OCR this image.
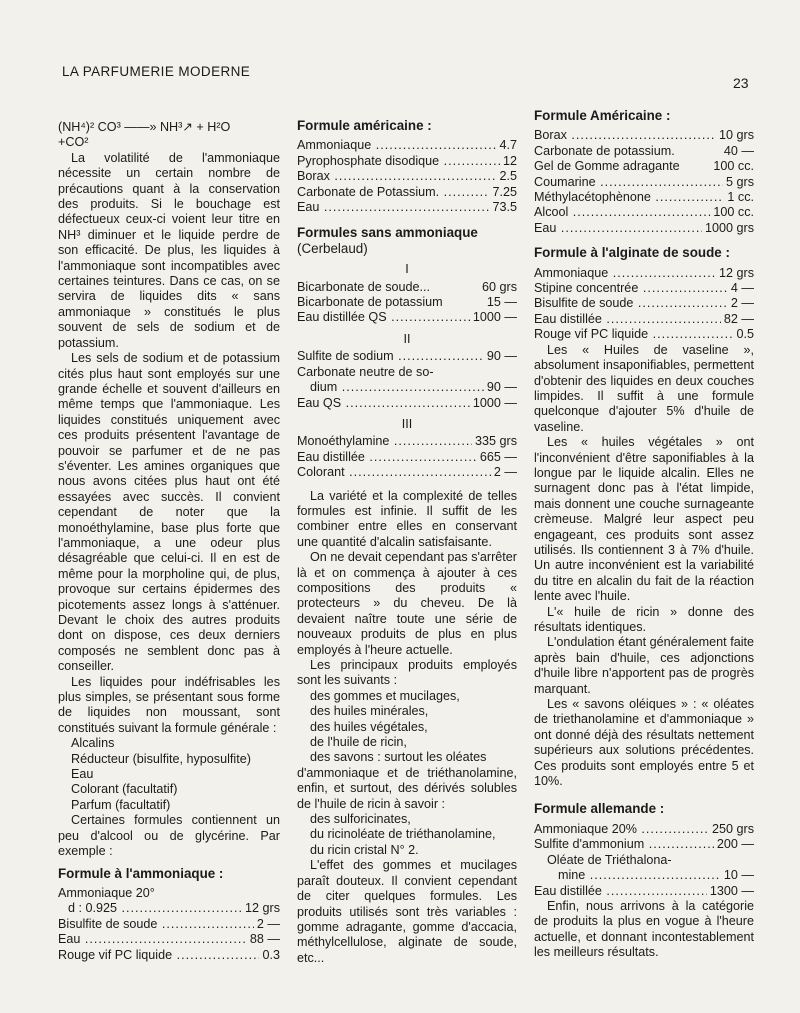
LA PARFUMERIE MODERNE
23

(NH⁴)² CO³ ——» NH³↗ + H²O

+CO²

La volatilité de l'ammoniaque nécessite un certain nombre de précautions quant à la conservation des produits. Si le bouchage est défectueux ceux-ci voient leur titre en NH³ diminuer et le liquide perdre de son efficacité. De plus, les liquides à l'ammoniaque sont incompatibles avec certaines teintures. Dans ce cas, on se servira de liquides dits « sans ammoniaque » constitués le plus souvent de sels de sodium et de potassium.

Les sels de sodium et de potassium cités plus haut sont employés sur une grande échelle et souvent d'ailleurs en même temps que l'ammoniaque. Les liquides constitués uniquement avec ces produits présentent l'avantage de pouvoir se parfumer et de ne pas s'éventer. Les amines organiques que nous avons citées plus haut ont été essayées avec succès. Il convient cependant de noter que la monoéthylamine, base plus forte que l'ammoniaque, a une odeur plus désagréable que celui-ci. Il en est de même pour la morpholine qui, de plus, provoque sur certains épidermes des picotements assez longs à s'atténuer. Devant le choix des autres produits dont on dispose, ces deux derniers composés ne semblent donc pas à conseiller.

Les liquides pour indéfrisables les plus simples, se présentant sous forme de liquides non moussant, sont constitués suivant la formule générale :

Alcalins

Réducteur (bisulfite, hyposulfite)

Eau

Colorant (facultatif)

Parfum (facultatif)

Certaines formules contiennent un peu d'alcool ou de glycérine. Par exemple :

Formule à l'ammoniaque :

Ammoniaque 20°

d : 0.925 .....	12 grs
Bisulfite de soude .....	2 —
Eau .....	88 —
Rouge vif PC liquide .....	0.3
Formule américaine :
Ammoniaque .....	4.7
Pyrophosphate disodique .....	12
Borax .....	2.5
Carbonate de Potassium. .....	7.25
Eau .....	73.5
Formules sans ammoniaque (Cerbelaud)

I

Bicarbonate de soude...	60 grs
Bicarbonate de potassium	15 —
Eau distillée QS .....	1000 —

II

Sulfite de sodium .....	90 —
Carbonate neutre de so-
dium .....	90 —
Eau QS .....	1000 —

III

Monoéthylamine .....	335 grs
Eau distillée .....	665 —
Colorant .....	2 —

La variété et la complexité de telles formules est infinie. Il suffit de les combiner entre elles en conservant une quantité d'alcalin satisfaisante.

On ne devait cependant pas s'arrêter là et on commença à ajouter à ces compositions des produits « protecteurs » du cheveu. De là devaient naître toute une série de nouveaux produits de plus en plus employés à l'heure actuelle.

Les principaux produits employés sont les suivants :

des gommes et mucilages,

des huiles minérales,

des huiles végétales,

de l'huile de ricin,

des savons : surtout les oléates

d'ammoniaque et de triéthanolamine, enfin, et surtout, des dérivés solubles de l'huile de ricin à savoir :

des sulforicinates,

du ricinoléate de triéthanolamine,

du ricin cristal N° 2.

L'effet des gommes et mucilages paraît douteux. Il convient cependant de citer quelques formules. Les produits utilisés sont très variables : gomme adragante, gomme d'accacia, méthylcellulose, alginate de soude, etc...

Formule Américaine :
Borax .....	10 grs
Carbonate de potassium.	40 —
Gel de Gomme adragante	100 cc.
Coumarine .....	5 grs
Méthylacétophènone .....	1 cc.
Alcool .....	100 cc.
Eau .....	1000 grs
Formule à l'alginate de soude :
Ammoniaque .....	12 grs
Stipine concentrée .....	4 —
Bisulfite de soude .....	2 —
Eau distillée .....	82 —
Rouge vif PC liquide .....	0.5

Les « Huiles de vaseline », absolument insaponifiables, permettent d'obtenir des liquides en deux couches limpides. Il suffit à une formule quelconque d'ajouter 5% d'huile de vaseline.

Les « huiles végétales » ont l'inconvénient d'être saponifiables à la longue par le liquide alcalin. Elles ne surnagent donc pas à l'état limpide, mais donnent une couche surnageante crèmeuse. Malgré leur aspect peu engageant, ces produits sont assez utilisés. Ils contiennent 3 à 7% d'huile. Un autre inconvénient est la variabilité du titre en alcalin du fait de la réaction lente avec l'huile.

L'« huile de ricin » donne des résultats identiques.

L'ondulation étant généralement faite après bain d'huile, ces adjonctions d'huile libre n'apportent pas de progrès marquant.

Les « savons oléiques » : « oléates de triethanolamine et d'ammoniaque » ont donné déjà des résultats nettement supérieurs aux solutions précédentes. Ces produits sont employés entre 5 et 10%.

Formule allemande :
Ammoniaque 20% .....	250 grs
Sulfite d'ammonium .....	200 —
Oléate de Triéthalona-
mine .....	10 —
Eau distillée .....	1300 —

Enfin, nous arrivons à la catégorie de produits la plus en vogue à l'heure actuelle, et donnant incontestablement les meilleurs résultats.
